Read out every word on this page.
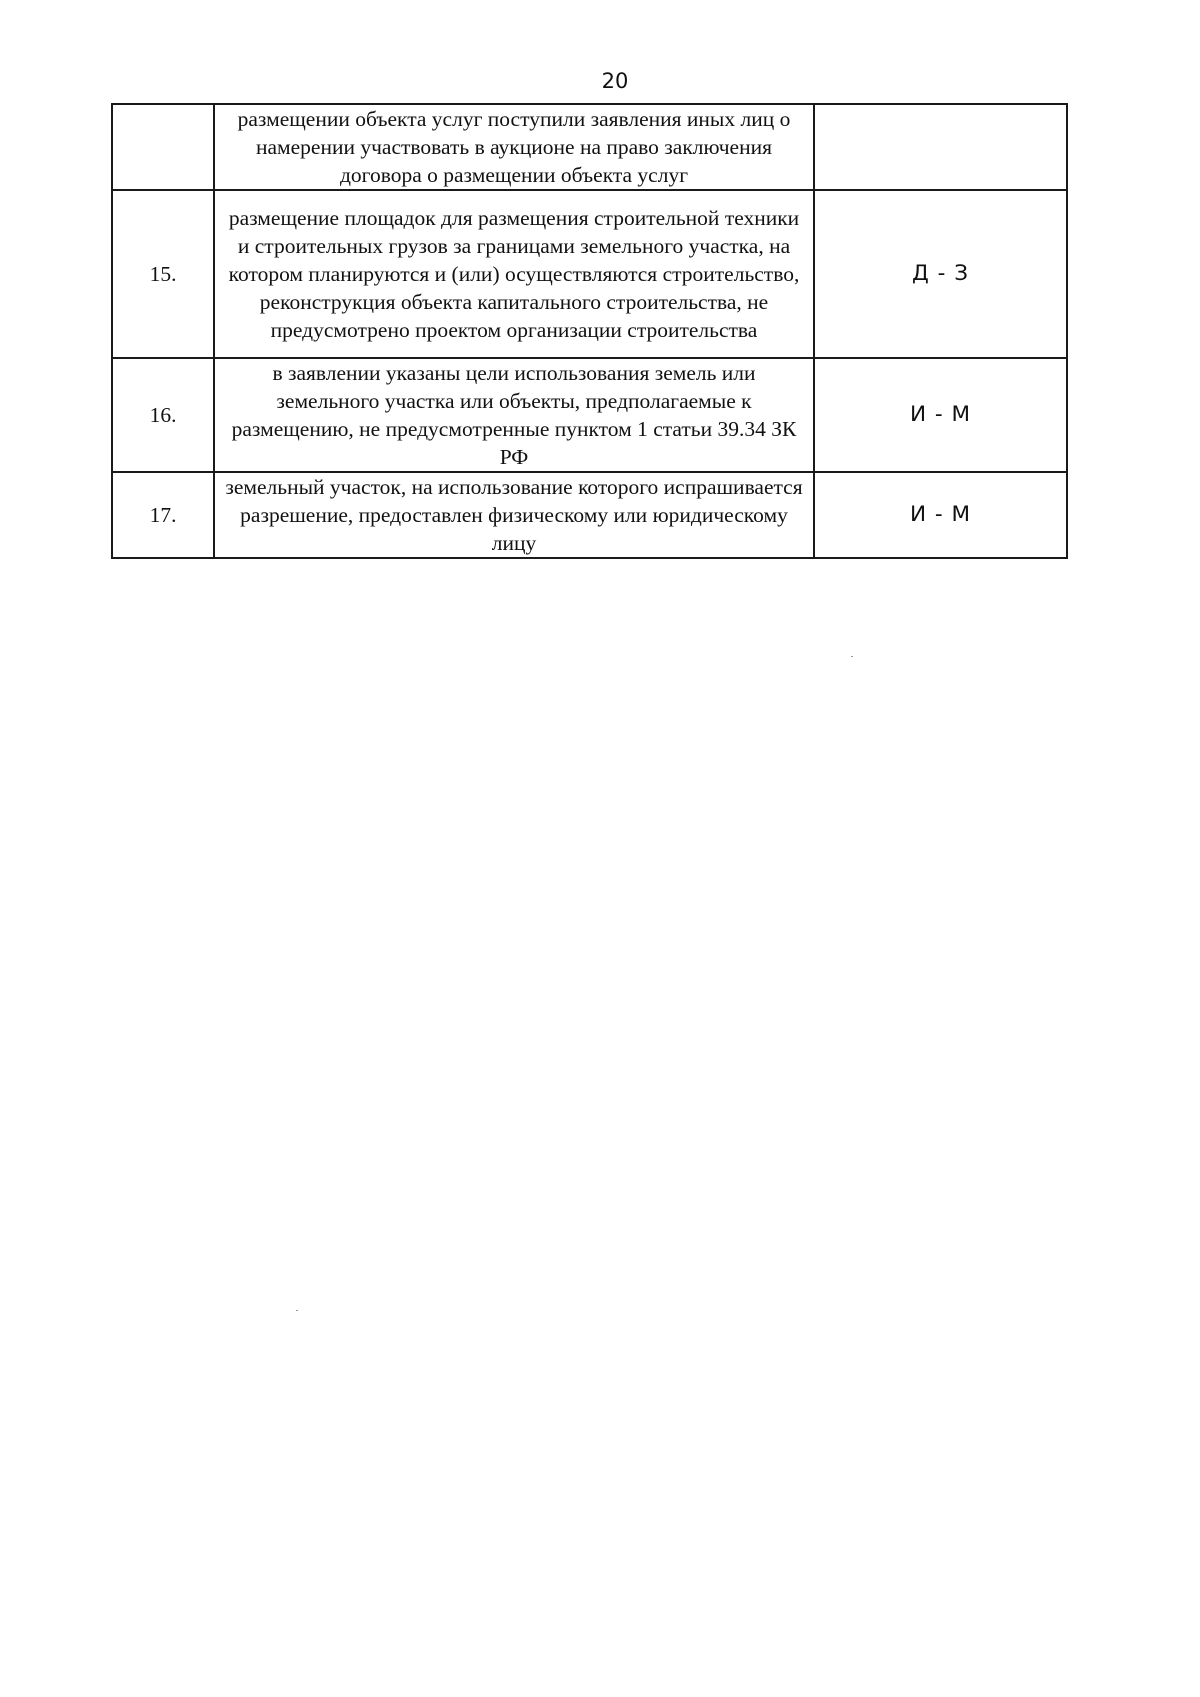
20
	размещении объекта услуг поступили заявления иных лиц о намерении участвовать в аукционе на право заключения договора о размещении объекта услуг	
15.	размещение площадок для размещения строительной техники и строительных грузов за границами земельного участка, на котором планируются и (или) осуществляются строительство, реконструкция объекта капитального строительства, не предусмотрено проектом организации строительства	Д - З
16.	в заявлении указаны цели использования земель или земельного участка или объекты, предполагаемые к размещению, не предусмотренные пунктом 1 статьи 39.34 ЗК РФ	И - М
17.	земельный участок, на использование которого испрашивается разрешение, предоставлен физическому или юридическому лицу	И - М
